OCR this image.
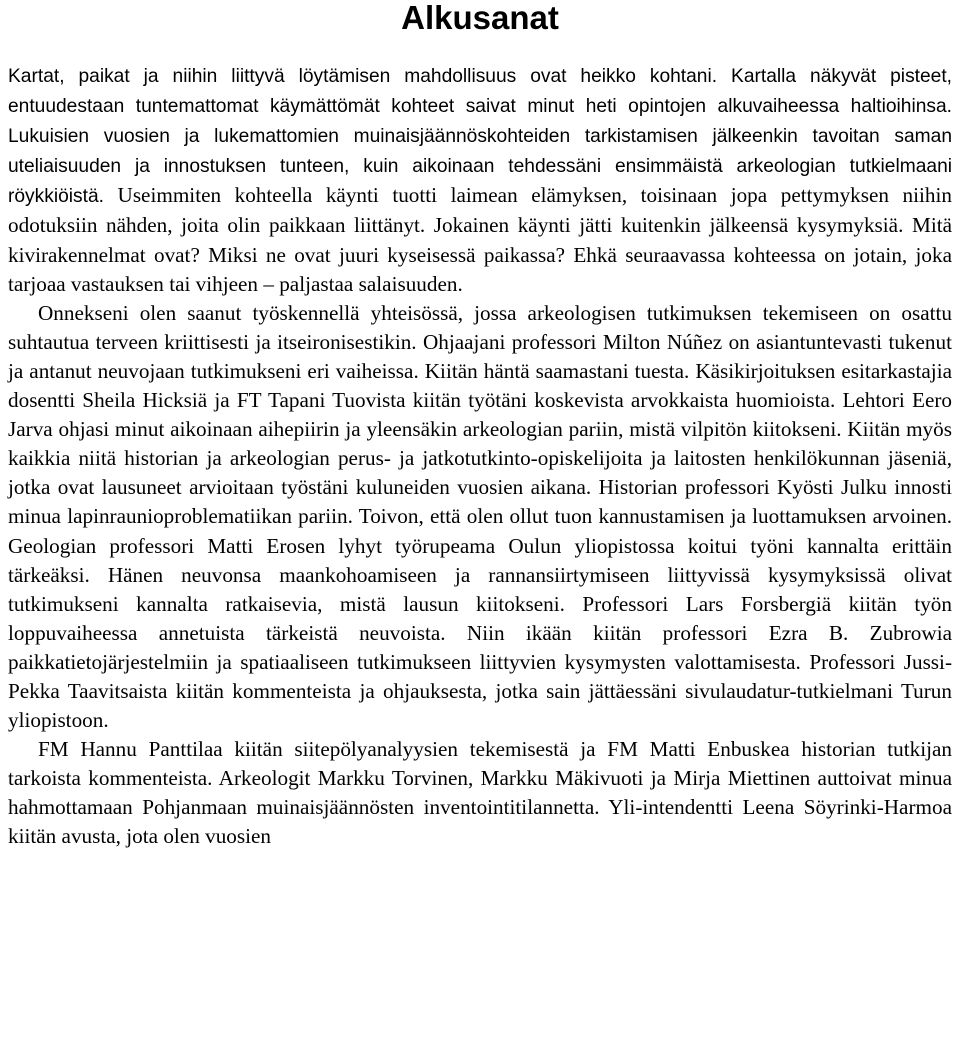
Alkusanat

Kartat, paikat ja niihin liittyvä löytämisen mahdollisuus ovat heikko kohtani. Kartalla näkyvät pisteet, entuudestaan tuntemattomat käymättömät kohteet saivat minut heti opintojen alkuvaiheessa haltioihinsa. Lukuisien vuosien ja lukemattomien muinaisjäännöskohteiden tarkistamisen jälkeenkin tavoitan saman uteliaisuuden ja innostuksen tunteen, kuin aikoinaan tehdessäni ensimmäistä arkeologian tutkielmaani röykkiöistä. Useimmiten kohteella käynti tuotti laimean elämyksen, toisinaan jopa pettymyksen niihin odotuksiin nähden, joita olin paikkaan liittänyt. Jokainen käynti jätti kuitenkin jälkeensä kysymyksiä. Mitä kivirakennelmat ovat? Miksi ne ovat juuri kyseisessä paikassa? Ehkä seuraavassa kohteessa on jotain, joka tarjoaa vastauksen tai vihjeen – paljastaa salaisuuden.

Onnekseni olen saanut työskennellä yhteisössä, jossa arkeologisen tutkimuksen tekemiseen on osattu suhtautua terveen kriittisesti ja itseironisestikin. Ohjaajani professori Milton Núñez on asiantuntevasti tukenut ja antanut neuvojaan tutkimukseni eri vaiheissa. Kiitän häntä saamastani tuesta. Käsikirjoituksen esitarkastajia dosentti Sheila Hicksiä ja FT Tapani Tuovista kiitän työtäni koskevista arvokkaista huomioista. Lehtori Eero Jarva ohjasi minut aikoinaan aihepiirin ja yleensäkin arkeologian pariin, mistä vilpitön kiitokseni. Kiitän myös kaikkia niitä historian ja arkeologian perus- ja jatkotutkinto-opiskelijoita ja laitosten henkilökunnan jäseniä, jotka ovat lausuneet arvioitaan työstäni kuluneiden vuosien aikana. Historian professori Kyösti Julku innosti minua lapinraunioproblematiikan pariin. Toivon, että olen ollut tuon kannustamisen ja luottamuksen arvoinen. Geologian professori Matti Erosen lyhyt työrupeama Oulun yliopistossa koitui työni kannalta erittäin tärkeäksi. Hänen neuvonsa maankohoamiseen ja rannansiirtymiseen liittyvissä kysymyksissä olivat tutkimukseni kannalta ratkaisevia, mistä lausun kiitokseni. Professori Lars Forsbergiä kiitän työn loppuvaiheessa annetuista tärkeistä neuvoista. Niin ikään kiitän professori Ezra B. Zubrowia paikkatietojärjestelmiin ja spatiaaliseen tutkimukseen liittyvien kysymysten valottamisesta. Professori Jussi-Pekka Taavitsaista kiitän kommenteista ja ohjauksesta, jotka sain jättäessäni sivulaudatur-tutkielmani Turun yliopistoon.

FM Hannu Panttilaa kiitän siitepölyanalyysien tekemisestä ja FM Matti Enbuskea historian tutkijan tarkoista kommenteista. Arkeologit Markku Torvinen, Markku Mäkivuoti ja Mirja Miettinen auttoivat minua hahmottamaan Pohjanmaan muinaisjäännösten inventointitilannetta. Yli-intendentti Leena Söyrinki-Harmoa kiitän avusta, jota olen vuosien
